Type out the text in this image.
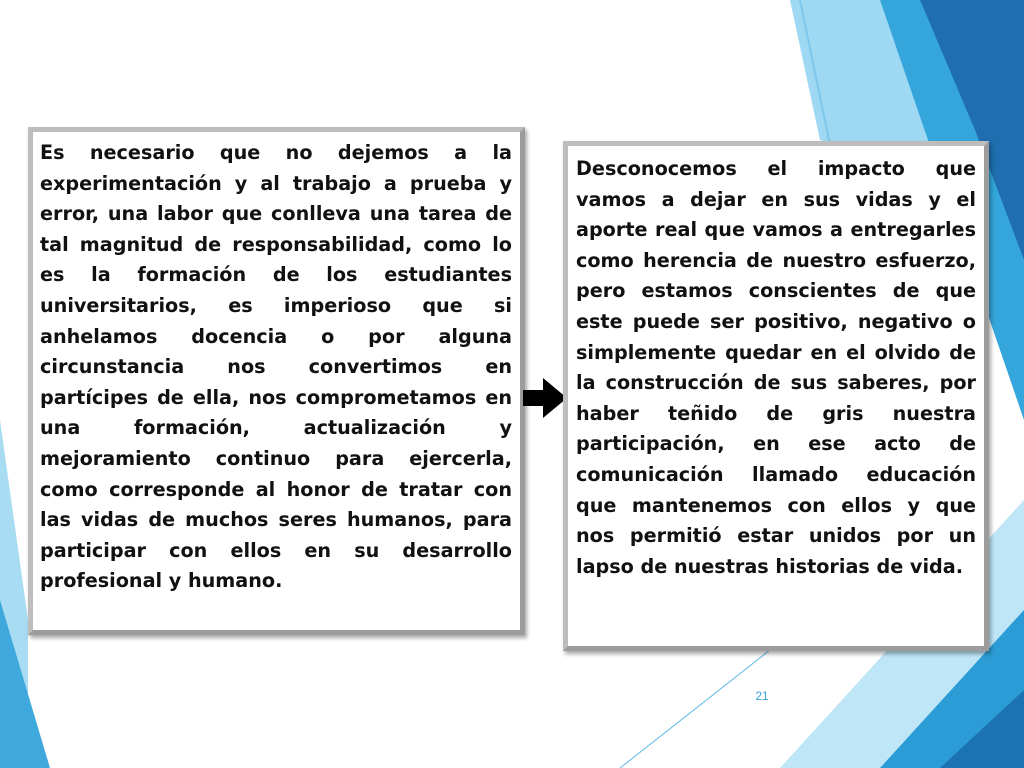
Es necesario que no dejemos a la experimentación y al trabajo a prueba y error, una labor que conlleva una tarea de tal magnitud de responsabilidad, como lo es la formación de los estudiantes universitarios, es imperioso que si anhelamos docencia o por alguna circunstancia nos convertimos en partícipes de ella, nos comprometamos en una formación, actualización y mejoramiento continuo para ejercerla, como corresponde al honor de tratar con las vidas de muchos seres humanos, para participar con ellos en su desarrollo profesional y humano.

Desconocemos el impacto que vamos a dejar en sus vidas y el aporte real que vamos a entregarles como herencia de nuestro esfuerzo, pero estamos conscientes de que este puede ser positivo, negativo o simplemente quedar en el olvido de la construcción de sus saberes, por haber teñido de gris nuestra participación, en ese acto de comunicación llamado educación que mantenemos con ellos y que nos permitió estar unidos por un lapso de nuestras historias de vida.

21
